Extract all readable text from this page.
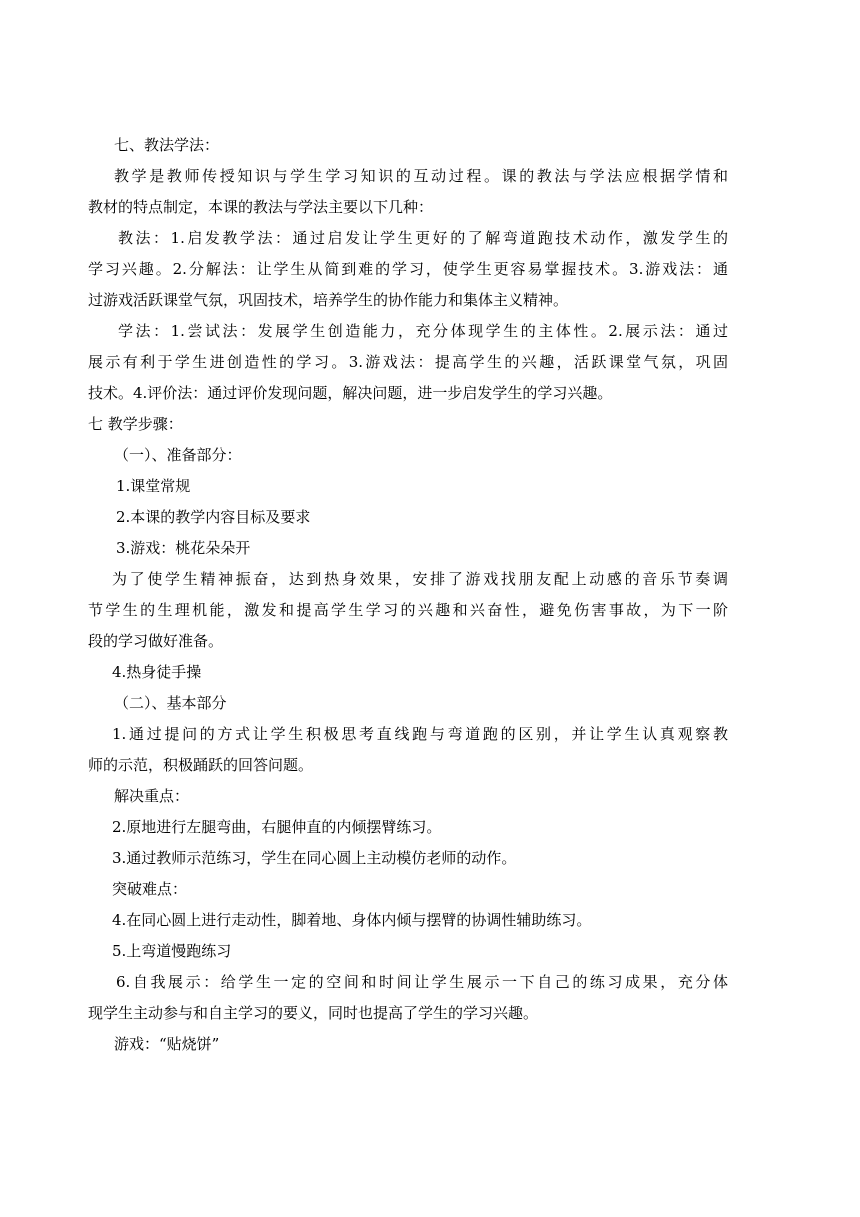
七、教法学法：

教学是教师传授知识与学生学习知识的互动过程。课的教法与学法应根据学情和

教材的特点制定，本课的教法与学法主要以下几种：

教法：1.启发教学法：通过启发让学生更好的了解弯道跑技术动作，激发学生的

学习兴趣。2.分解法：让学生从简到难的学习，使学生更容易掌握技术。3.游戏法：通

过游戏活跃课堂气氛，巩固技术，培养学生的协作能力和集体主义精神。

学法：1.尝试法：发展学生创造能力，充分体现学生的主体性。2.展示法：通过

展示有利于学生进创造性的学习。3.游戏法：提高学生的兴趣，活跃课堂气氛，巩固

技术。4.评价法：通过评价发现问题，解决问题，进一步启发学生的学习兴趣。

七 教学步骤：

（一）、准备部分：

1.课堂常规

2.本课的教学内容目标及要求

3.游戏：桃花朵朵开

为了使学生精神振奋，达到热身效果，安排了游戏找朋友配上动感的音乐节奏调

节学生的生理机能，激发和提高学生学习的兴趣和兴奋性，避免伤害事故，为下一阶

段的学习做好准备。

4.热身徒手操

（二）、基本部分

1.通过提问的方式让学生积极思考直线跑与弯道跑的区别，并让学生认真观察教

师的示范，积极踊跃的回答问题。

解决重点：

2.原地进行左腿弯曲，右腿伸直的内倾摆臂练习。

3.通过教师示范练习，学生在同心圆上主动模仿老师的动作。

突破难点：

4.在同心圆上进行走动性，脚着地、身体内倾与摆臂的协调性辅助练习。

5.上弯道慢跑练习

6.自我展示：给学生一定的空间和时间让学生展示一下自己的练习成果，充分体

现学生主动参与和自主学习的要义，同时也提高了学生的学习兴趣。

游戏：“贴烧饼”
